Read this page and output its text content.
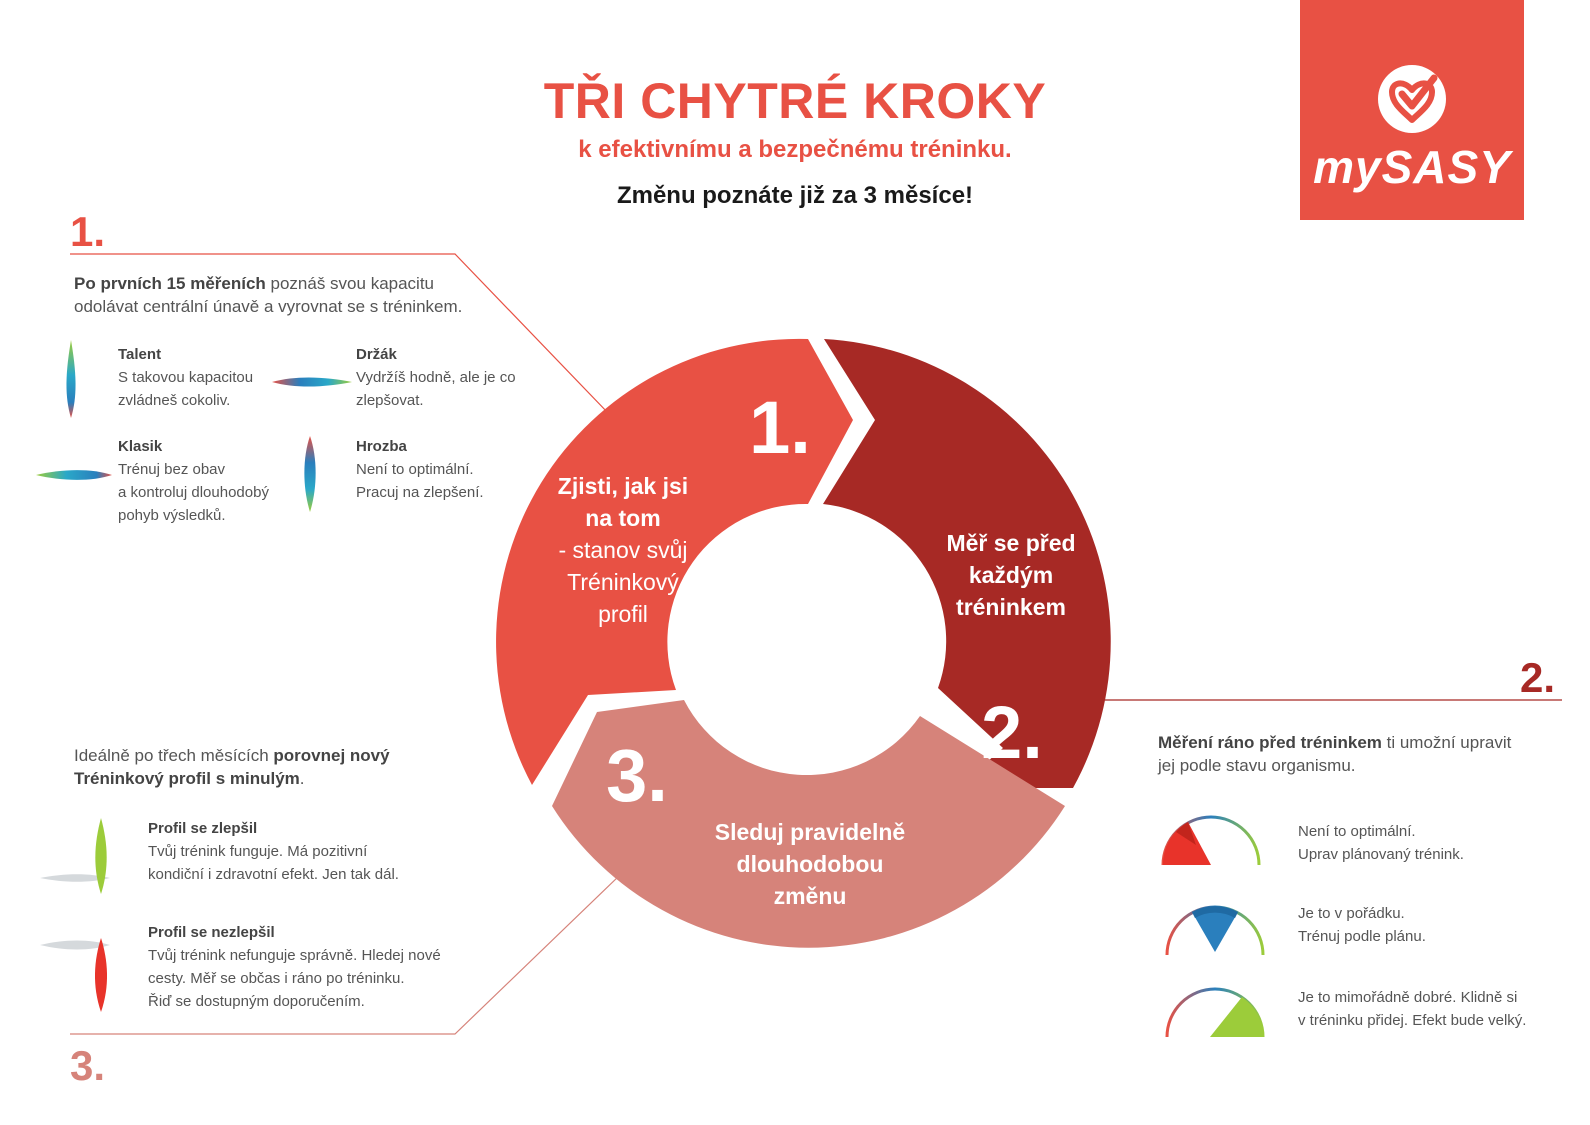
TŘI CHYTRÉ KROKY
k efektivnímu a bezpečnému tréninku.
Změnu poznáte již za 3 měsíce!
mySASY
1.
2.
3.
Zjisti, jak jsi
na tom
- stanov svůj
Tréninkový
profil
Měř se před
každým
tréninkem
Sleduj pravidelně
dlouhodobou
změnu
1.
Po prvních 15 měřeních poznáš svou kapacitu
odolávat centrální únavě a vyrovnat se s tréninkem.
Talent
S takovou kapacitou
zvládneš cokoliv.
Držák
Vydržíš hodně, ale je co
zlepšovat.
Klasik
Trénuj bez obav
a kontroluj dlouhodobý
pohyb výsledků.
Hrozba
Není to optimální.
Pracuj na zlepšení.
2.
Měření ráno před tréninkem ti umožní upravit
jej podle stavu organismu.
Není to optimální.
Uprav plánovaný trénink.
Je to v pořádku.
Trénuj podle plánu.
Je to mimořádně dobré. Klidně si
v tréninku přidej. Efekt bude velký.
Ideálně po třech měsících porovnej nový
Tréninkový profil s minulým.
Profil se zlepšil
Tvůj trénink funguje. Má pozitivní
kondiční i zdravotní efekt. Jen tak dál.
Profil se nezlepšil
Tvůj trénink nefunguje správně. Hledej nové
cesty. Měř se občas i ráno po tréninku.
Řiď se dostupným doporučením.
3.
